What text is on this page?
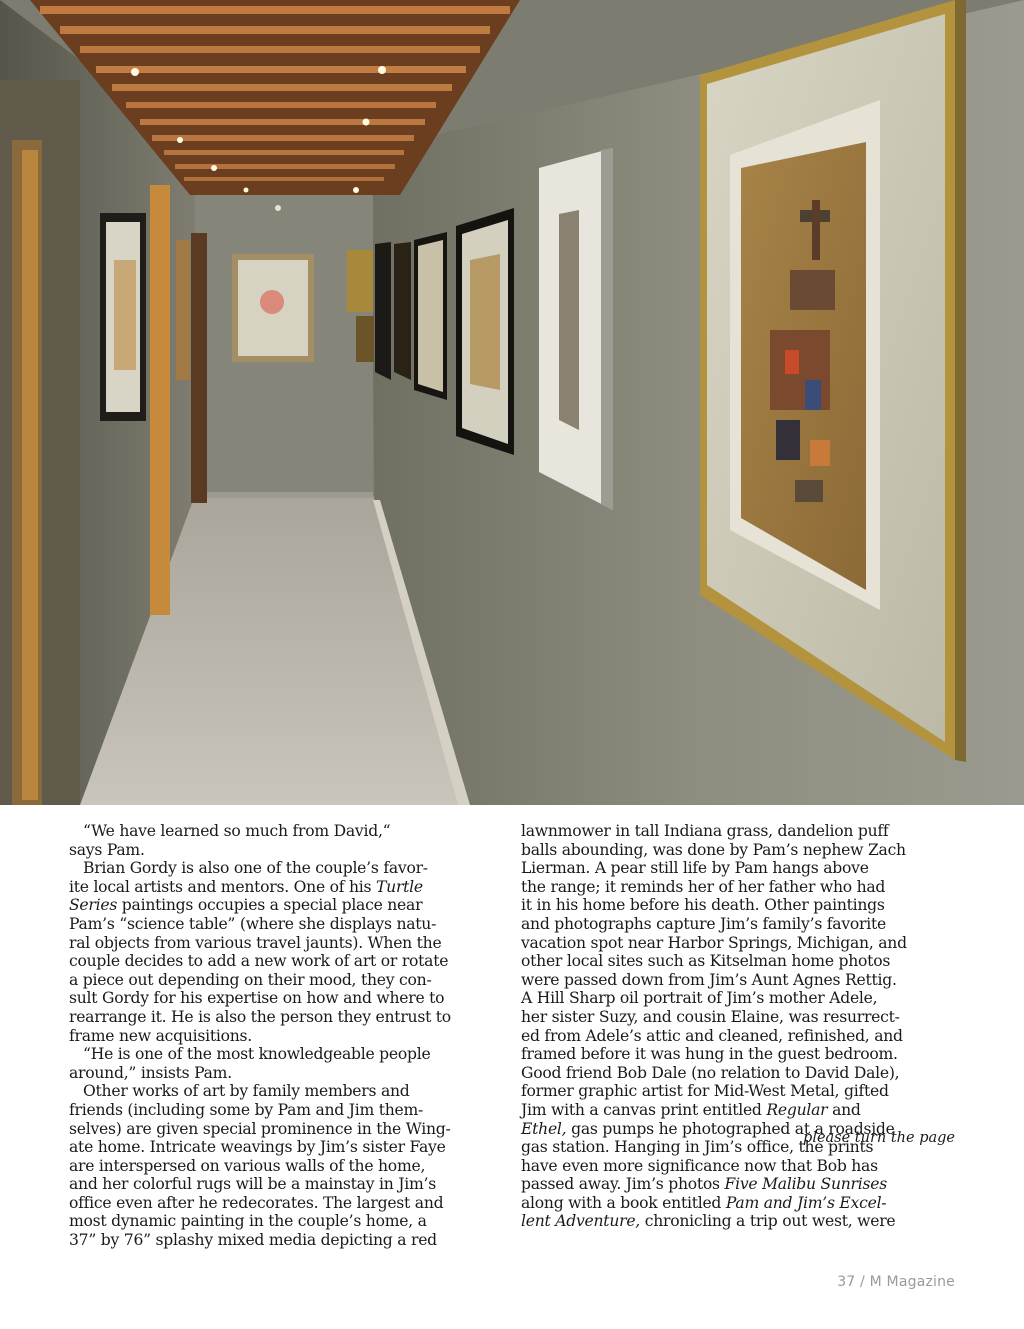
“We have learned so much from David,“
says Pam.

Brian Gordy is also one of the couple’s favor-
ite local artists and mentors. One of his Turtle
Series paintings occupies a special place near
Pam’s “science table” (where she displays natu-
ral objects from various travel jaunts). When the
couple decides to add a new work of art or rotate
a piece out depending on their mood, they con-
sult Gordy for his expertise on how and where to
rearrange it. He is also the person they entrust to
frame new acquisitions.

“He is one of the most knowledgeable people
around,” insists Pam.

Other works of art by family members and
friends (including some by Pam and Jim them-
selves) are given special prominence in the Wing-
ate home. Intricate weavings by Jim’s sister Faye
are interspersed on various walls of the home,
and her colorful rugs will be a mainstay in Jim’s
office even after he redecorates. The largest and
most dynamic painting in the couple’s home, a
37” by 76” splashy mixed media depicting a red

lawnmower in tall Indiana grass, dandelion puff
balls abounding, was done by Pam’s nephew Zach
Lierman. A pear still life by Pam hangs above
the range; it reminds her of her father who had
it in his home before his death. Other paintings
and photographs capture Jim’s family’s favorite
vacation spot near Harbor Springs, Michigan, and
other local sites such as Kitselman home photos
were passed down from Jim’s Aunt Agnes Rettig.
A Hill Sharp oil portrait of Jim’s mother Adele,
her sister Suzy, and cousin Elaine, was resurrect-
ed from Adele’s attic and cleaned, refinished, and
framed before it was hung in the guest bedroom.
Good friend Bob Dale (no relation to David Dale),
former graphic artist for Mid-West Metal, gifted
Jim with a canvas print entitled Regular and
Ethel, gas pumps he photographed at a roadside
gas station. Hanging in Jim’s office, the prints
have even more significance now that Bob has
passed away. Jim’s photos Five Malibu Sunrises
along with a book entitled Pam and Jim’s Excel-
lent Adventure, chronicling a trip out west, were

please turn the page
37 / M Magazine
